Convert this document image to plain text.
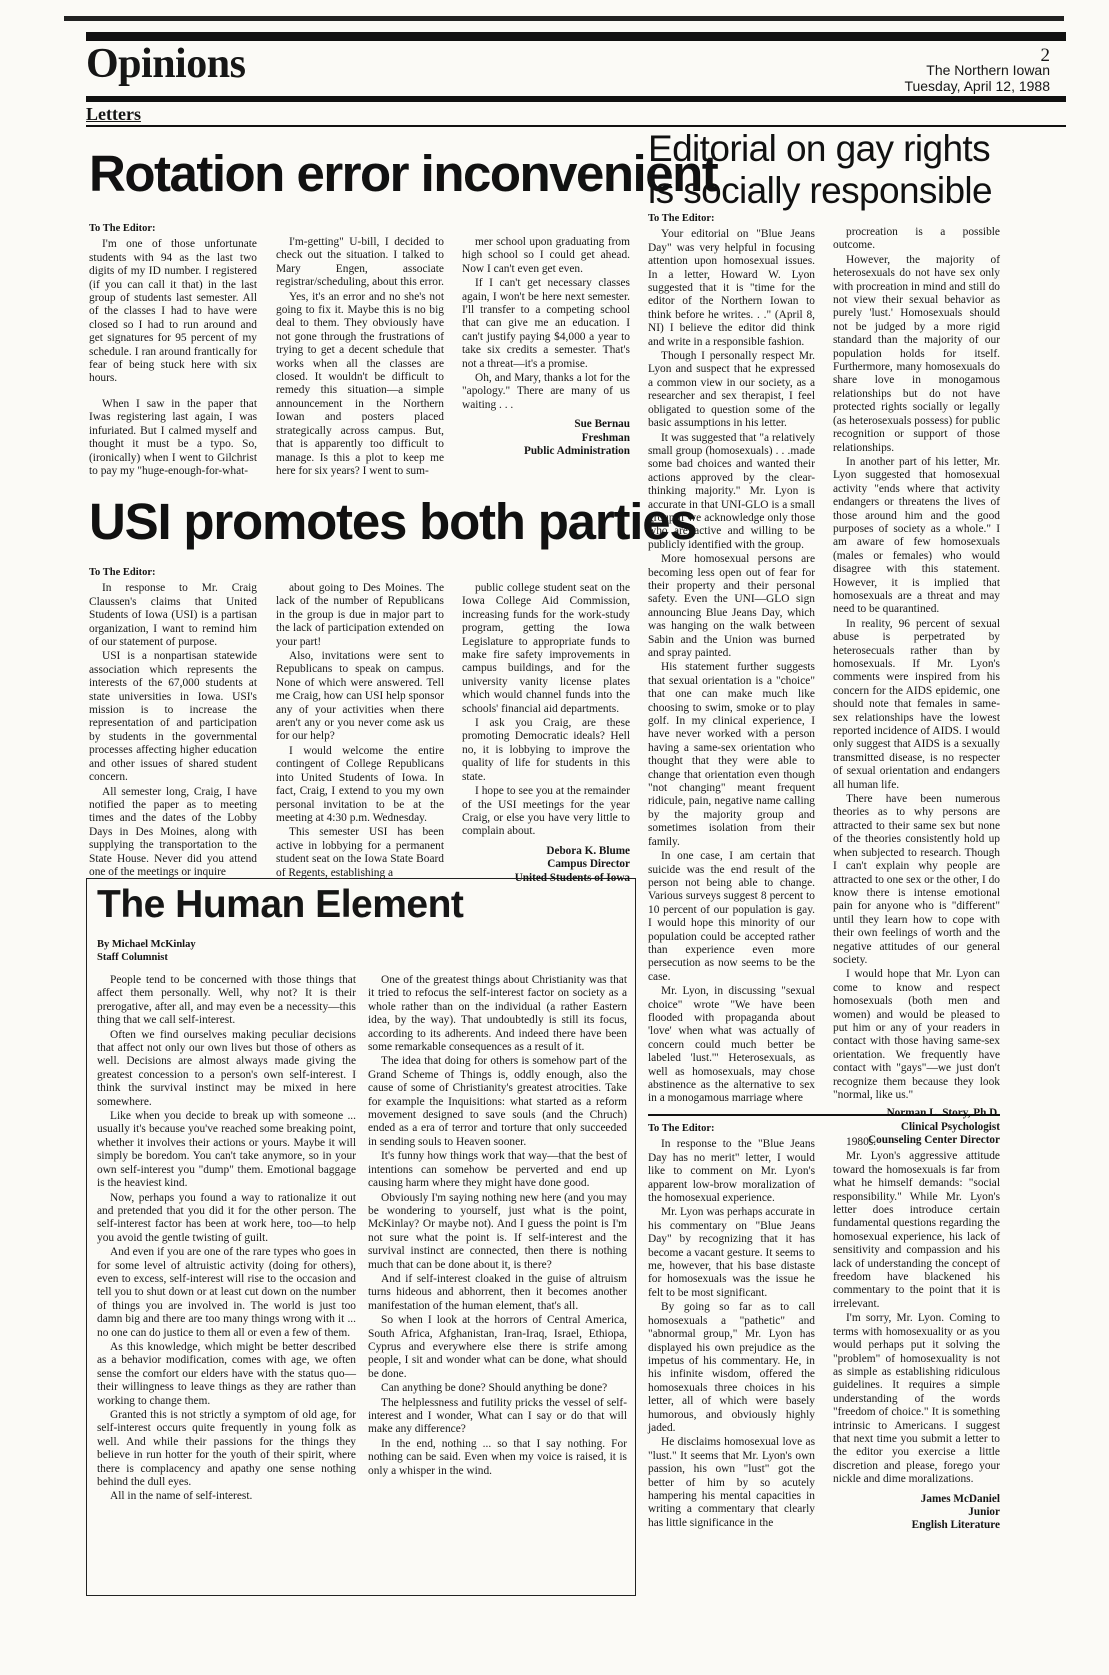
Opinions	2
The Northern Iowan
Tuesday, April 12, 1988
Letters
Rotation error inconvenient

To The Editor:

I'm one of those unfortunate students with 94 as the last two digits of my ID number. I registered (if you can call it that) in the last group of students last semester. All of the classes I had to have were closed so I had to run around and get signatures for 95 percent of my schedule. I ran around frantically for fear of being stuck here with six hours.

When I saw in the paper that Iwas registering last again, I was infuriated. But I calmed myself and thought it must be a typo. So, (ironically) when I went to Gilchrist to pay my "huge-enough-for-what-

I'm-getting" U-bill, I decided to check out the situation. I talked to Mary Engen, associate registrar/scheduling, about this error.

Yes, it's an error and no she's not going to fix it. Maybe this is no big deal to them. They obviously have not gone through the frustrations of trying to get a decent schedule that works when all the classes are closed. It wouldn't be difficult to remedy this situation—a simple announcement in the Northern Iowan and posters placed strategically across campus. But, that is apparently too difficult to manage. Is this a plot to keep me here for six years? I went to sum-

mer school upon graduating from high school so I could get ahead. Now I can't even get even.

If I can't get necessary classes again, I won't be here next semester. I'll transfer to a competing school that can give me an education. I can't justify paying $4,000 a year to take six credits a semester. That's not a threat—it's a promise.

Oh, and Mary, thanks a lot for the "apology." There are many of us waiting . . .

Sue Bernau
Freshman
Public Administration
USI promotes both parties

To The Editor:

In response to Mr. Craig Claussen's claims that United Students of Iowa (USI) is a partisan organization, I want to remind him of our statement of purpose.

USI is a nonpartisan statewide association which represents the interests of the 67,000 students at state universities in Iowa. USI's mission is to increase the representation of and participation by students in the governmental processes affecting higher education and other issues of shared student concern.

All semester long, Craig, I have notified the paper as to meeting times and the dates of the Lobby Days in Des Moines, along with supplying the transportation to the State House. Never did you attend one of the meetings or inquire

about going to Des Moines. The lack of the number of Republicans in the group is due in major part to the lack of participation extended on your part!

Also, invitations were sent to Republicans to speak on campus. None of which were answered. Tell me Craig, how can USI help sponsor any of your activities when there aren't any or you never come ask us for our help?

I would welcome the entire contingent of College Republicans into United Students of Iowa. In fact, Craig, I extend to you my own personal invitation to be at the meeting at 4:30 p.m. Wednesday.

This semester USI has been active in lobbying for a permanent student seat on the Iowa State Board of Regents, establishing a

public college student seat on the Iowa College Aid Commission, increasing funds for the work-study program, getting the Iowa Legislature to appropriate funds to make fire safety improvements in campus buildings, and for the university vanity license plates which would channel funds into the schools' financial aid departments.

I ask you Craig, are these promoting Democratic ideals? Hell no, it is lobbying to improve the quality of life for students in this state.

I hope to see you at the remainder of the USI meetings for the year Craig, or else you have very little to complain about.

Debora K. Blume
Campus Director
United Students of Iowa
The Human Element
By Michael McKinlay
Staff Columnist

People tend to be concerned with those things that affect them personally. Well, why not? It is their prerogative, after all, and may even be a necessity—this thing that we call self-interest.

Often we find ourselves making peculiar decisions that affect not only our own lives but those of others as well. Decisions are almost always made giving the greatest concession to a person's own self-interest. I think the survival instinct may be mixed in here somewhere.

Like when you decide to break up with someone ... usually it's because you've reached some breaking point, whether it involves their actions or yours. Maybe it will simply be boredom. You can't take anymore, so in your own self-interest you "dump" them. Emotional baggage is the heaviest kind.

Now, perhaps you found a way to rationalize it out and pretended that you did it for the other person. The self-interest factor has been at work here, too—to help you avoid the gentle twisting of guilt.

And even if you are one of the rare types who goes in for some level of altruistic activity (doing for others), even to excess, self-interest will rise to the occasion and tell you to shut down or at least cut down on the number of things you are involved in. The world is just too damn big and there are too many things wrong with it ... no one can do justice to them all or even a few of them.

As this knowledge, which might be better described as a behavior modification, comes with age, we often sense the comfort our elders have with the status quo—their willingness to leave things as they are rather than working to change them.

Granted this is not strictly a symptom of old age, for self-interest occurs quite frequently in young folk as well. And while their passions for the things they believe in run hotter for the youth of their spirit, where there is complacency and apathy one sense nothing behind the dull eyes.

All in the name of self-interest.

One of the greatest things about Christianity was that it tried to refocus the self-interest factor on society as a whole rather than on the individual (a rather Eastern idea, by the way). That undoubtedly is still its focus, according to its adherents. And indeed there have been some remarkable consequences as a result of it.

The idea that doing for others is somehow part of the Grand Scheme of Things is, oddly enough, also the cause of some of Christianity's greatest atrocities. Take for example the Inquisitions: what started as a reform movement designed to save souls (and the Chruch) ended as a era of terror and torture that only succeeded in sending souls to Heaven sooner.

It's funny how things work that way—that the best of intentions can somehow be perverted and end up causing harm where they might have done good.

Obviously I'm saying nothing new here (and you may be wondering to yourself, just what is the point, McKinlay? Or maybe not). And I guess the point is I'm not sure what the point is. If self-interest and the survival instinct are connected, then there is nothing much that can be done about it, is there?

And if self-interest cloaked in the guise of altruism turns hideous and abhorrent, then it becomes another manifestation of the human element, that's all.

So when I look at the horrors of Central America, South Africa, Afghanistan, Iran-Iraq, Israel, Ethiopa, Cyprus and everywhere else there is strife among people, I sit and wonder what can be done, what should be done.

Can anything be done? Should anything be done?

The helplessness and futility pricks the vessel of self-interest and I wonder, What can I say or do that will make any difference?

In the end, nothing ... so that I say nothing. For nothing can be said. Even when my voice is raised, it is only a whisper in the wind.

Editorial on gay rights
is socially responsible

To The Editor:

Your editorial on "Blue Jeans Day" was very helpful in focusing attention upon homosexual issues. In a letter, Howard W. Lyon suggested that it is "time for the editor of the Northern Iowan to think before he writes. . ." (April 8, NI) I believe the editor did think and write in a responsible fashion.

Though I personally respect Mr. Lyon and suspect that he expressed a common view in our society, as a researcher and sex therapist, I feel obligated to question some of the basic assumptions in his letter.

It was suggested that "a relatively small group (homosexuals) . . .made some bad choices and wanted their actions approved by the clear-thinking majority." Mr. Lyon is accurate in that UNI-GLO is a small group if we acknowledge only those who are active and willing to be publicly identified with the group.

More homosexual persons are becoming less open out of fear for their property and their personal safety. Even the UNI—GLO sign announcing Blue Jeans Day, which was hanging on the walk between Sabin and the Union was burned and spray painted.

His statement further suggests that sexual orientation is a "choice" that one can make much like choosing to swim, smoke or to play golf. In my clinical experience, I have never worked with a person having a same-sex orientation who thought that they were able to change that orientation even though "not changing" meant frequent ridicule, pain, negative name calling by the majority group and sometimes isolation from their family.

In one case, I am certain that suicide was the end result of the person not being able to change. Various surveys suggest 8 percent to 10 percent of our population is gay. I would hope this minority of our population could be accepted rather than experience even more persecution as now seems to be the case.

Mr. Lyon, in discussing "sexual choice" wrote "We have been flooded with propaganda about 'love' when what was actually of concern could much better be labeled 'lust.'" Heterosexuals, as well as homosexuals, may chose abstinence as the alternative to sex in a monogamous marriage where

procreation is a possible outcome.

However, the majority of heterosexuals do not have sex only with procreation in mind and still do not view their sexual behavior as purely 'lust.' Homosexuals should not be judged by a more rigid standard than the majority of our population holds for itself. Furthermore, many homosexuals do share love in monogamous relationships but do not have protected rights socially or legally (as heterosexuals possess) for public recognition or support of those relationships.

In another part of his letter, Mr. Lyon suggested that homosexual activity "ends where that activity endangers or threatens the lives of those around him and the good purposes of society as a whole." I am aware of few homosexuals (males or females) who would disagree with this statement. However, it is implied that homosexuals are a threat and may need to be quarantined.

In reality, 96 percent of sexual abuse is perpetrated by heterosecuals rather than by homosexuals. If Mr. Lyon's comments were inspired from his concern for the AIDS epidemic, one should note that females in same-sex relationships have the lowest reported incidence of AIDS. I would only suggest that AIDS is a sexually transmitted disease, is no respecter of sexual orientation and endangers all human life.

There have been numerous theories as to why persons are attracted to their same sex but none of the theories consistently hold up when subjected to research. Though I can't explain why people are attracted to one sex or the other, I do know there is intense emotional pain for anyone who is "different" until they learn how to cope with their own feelings of worth and the negative attitudes of our general society.

I would hope that Mr. Lyon can come to know and respect homosexuals (both men and women) and would be pleased to put him or any of your readers in contact with those having same-sex orientation. We frequently have contact with "gays"—we just don't recognize them because they look "normal, like us."

Clinical Psychologist
Counseling Center Director

To The Editor:

In response to the "Blue Jeans Day has no merit" letter, I would like to comment on Mr. Lyon's apparent low-brow moralization of the homosexual experience.

Mr. Lyon was perhaps accurate in his commentary on "Blue Jeans Day" by recognizing that it has become a vacant gesture. It seems to me, however, that his base distaste for homosexuals was the issue he felt to be most significant.

By going so far as to call homosexuals a "pathetic" and "abnormal group," Mr. Lyon has displayed his own prejudice as the impetus of his commentary. He, in his infinite wisdom, offered the homosexuals three choices in his letter, all of which were basely humorous, and obviously highly jaded.

He disclaims homosexual love as "lust." It seems that Mr. Lyon's own passion, his own "lust" got the better of him by so acutely hampering his mental capacities in writing a commentary that clearly has little significance in the

1980s.

Mr. Lyon's aggressive attitude toward the homosexuals is far from what he himself demands: "social responsibility." While Mr. Lyon's letter does introduce certain fundamental questions regarding the homosexual experience, his lack of sensitivity and compassion and his lack of understanding the concept of freedom have blackened his commentary to the point that it is irrelevant.

I'm sorry, Mr. Lyon. Coming to terms with homosexuality or as you would perhaps put it solving the "problem" of homosexuality is not as simple as establishing ridiculous guidelines. It requires a simple understanding of the words "freedom of choice." It is something intrinsic to Americans. I suggest that next time you submit a letter to the editor you exercise a little discretion and please, forego your nickle and dime moralizations.

James McDaniel
Junior
English Literature
